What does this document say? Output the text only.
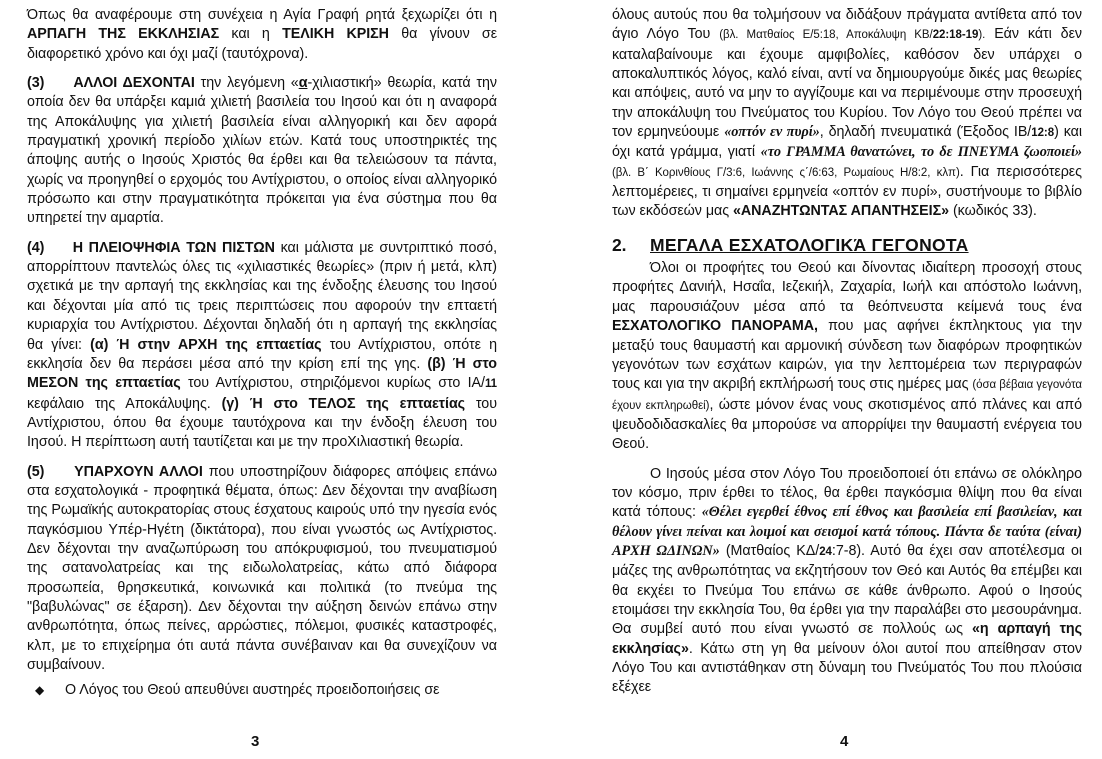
Όπως θα αναφέρουμε στη συνέχεια η Αγία Γραφή ρητά ξεχωρίζει ότι η ΑΡΠΑΓΗ ΤΗΣ ΕΚΚΛΗΣΙΑΣ και η ΤΕΛΙΚΗ ΚΡΙΣΗ θα γίνουν σε διαφορετικό χρόνο και όχι μαζί (ταυτόχρονα).

(3) ΑΛΛΟΙ ΔΕΧΟΝΤΑΙ την λεγόμενη «α-χιλιαστική» θεωρία, κατά την οποία δεν θα υπάρξει καμιά χιλιετή βασιλεία του Ιησού και ότι η αναφορά της Αποκάλυψης για χιλιετή βασιλεία είναι αλληγορική και δεν αφορά πραγματική χρονική περίοδο χιλίων ετών. Κατά τους υποστηρικτές της άποψης αυτής ο Ιησούς Χριστός θα έρθει και θα τελειώσουν τα πάντα, χωρίς να προηγηθεί ο ερχομός του Αντίχριστου, ο οποίος είναι αλληγορικό πρόσωπο και στην πραγματικότητα πρόκειται για ένα σύστημα που θα υπηρετεί την αμαρτία.

(4) Η ΠΛΕΙΟΨΗΦΙΑ ΤΩΝ ΠΙΣΤΩΝ και μάλιστα με συντριπτικό ποσό, απορρίπτουν παντελώς όλες τις «χιλιαστικές θεωρίες» (πριν ή μετά, κλπ) σχετικά με την αρπαγή της εκκλησίας και της ένδοξης έλευσης του Ιησού και δέχονται μία από τις τρεις περιπτώσεις που αφορούν την επταετή κυριαρχία του Αντίχριστου. Δέχονται δηλαδή ότι η αρπαγή της εκκλησίας θα γίνει: (α) Ή στην ΑΡΧΗ της επταετίας του Αντίχριστου, οπότε η εκκλησία δεν θα περάσει μέσα από την κρίση επί της γης. (β) Ή στο ΜΕΣΟΝ της επταετίας του Αντίχριστου, στηριζόμενοι κυρίως στο ΙΑ/11 κεφάλαιο της Αποκάλυψης. (γ) Ή στο ΤΕΛΟΣ της επταετίας του Αντίχριστου, όπου θα έχουμε ταυτόχρονα και την ένδοξη έλευση του Ιησού. Η περίπτωση αυτή ταυτίζεται και με την προΧιλιαστική θεωρία.

(5) ΥΠΑΡΧΟΥΝ ΑΛΛΟΙ που υποστηρίζουν διάφορες απόψεις επάνω στα εσχατολογικά - προφητικά θέματα, όπως: Δεν δέχονται την αναβίωση της Ρωμαϊκής αυτοκρατορίας στους έσχατους καιρούς υπό την ηγεσία ενός παγκόσμιου Υπέρ-Ηγέτη (δικτάτορα), που είναι γνωστός ως Αντίχριστος. Δεν δέχονται την αναζωπύρωση του απόκρυφισμού, του πνευματισμού της σατανολατρείας και της ειδωλολατρείας, κάτω από διάφορα προσωπεία, θρησκευτικά, κοινωνικά και πολιτικά (το πνεύμα της "βαβυλώνας" σε έξαρση). Δεν δέχονται την αύξηση δεινών επάνω στην ανθρωπότητα, όπως πείνες, αρρώστιες, πόλεμοι, φυσικές καταστροφές, κλπ, με το επιχείρημα ότι αυτά πάντα συνέβαιναν και θα συνεχίζουν να συμβαίνουν.

◆	Ο Λόγος του Θεού απευθύνει αυστηρές προειδοποιήσεις σε
3

όλους αυτούς που θα τολμήσουν να διδάξουν πράγματα αντίθετα από τον άγιο Λόγο Του (βλ. Ματθαίος Ε/5:18, Αποκάλυψη ΚΒ/22:18-19). Εάν κάτι δεν καταλαβαίνουμε και έχουμε αμφιβολίες, καθόσον δεν υπάρχει ο αποκαλυπτικός λόγος, καλό είναι, αντί να δημιουργούμε δικές μας θεωρίες και απόψεις, αυτό να μην το αγγίζουμε και να περιμένουμε στην προσευχή την αποκάλυψη του Πνεύματος του Κυρίου. Τον Λόγο του Θεού πρέπει να τον ερμηνεύουμε «οπτόν εν πυρί», δηλαδή πνευματικά (Έξοδος ΙΒ/12:8) και όχι κατά γράμμα, γιατί «το ΓΡΑΜΜΑ θανατώνει, το δε ΠΝΕΥΜΑ ζωοποιεί» (βλ. Β΄ Κορινθίους Γ/3:6, Ιωάννης ς΄/6:63, Ρωμαίους Η/8:2, κλπ). Για περισσότερες λεπτομέρειες, τι σημαίνει ερμηνεία «οπτόν εν πυρί», συστήνουμε το βιβλίο των εκδόσεών μας «ΑΝΑΖΗΤΩΝΤΑΣ ΑΠΑΝΤΗΣΕΙΣ» (κωδικός 33).

2.	ΜΕΓΑΛΑ ΕΣΧΑΤΟΛΟΓΙΚΆ ΓΕΓΟΝΟΤΑ

Όλοι οι προφήτες του Θεού και δίνοντας ιδιαίτερη προσοχή στους προφήτες Δανιήλ, Ησαΐα, Ιεζεκιήλ, Ζαχαρία, Ιωήλ και απόστολο Ιωάννη, μας παρουσιάζουν μέσα από τα θεόπνευστα κείμενά τους ένα ΕΣΧΑΤΟΛΟΓΙΚΟ ΠΑΝΟΡΑΜΑ, που μας αφήνει έκπληκτους για την μεταξύ τους θαυμαστή και αρμονική σύνδεση των διαφόρων προφητικών γεγονότων των εσχάτων καιρών, για την λεπτομέρεια των περιγραφών τους και για την ακριβή εκπλήρωσή τους στις ημέρες μας (όσα βέβαια γεγονότα έχουν εκπληρωθεί), ώστε μόνον ένας νους σκοτισμένος από πλάνες και από ψευδοδιδασκαλίες θα μπορούσε να απορρίψει την θαυμαστή ενέργεια του Θεού.

Ο Ιησούς μέσα στον Λόγο Του προειδοποιεί ότι επάνω σε ολόκληρο τον κόσμο, πριν έρθει το τέλος, θα έρθει παγκόσμια θλίψη που θα είναι κατά τόπους: «Θέλει εγερθεί έθνος επί έθνος και βασιλεία επί βασιλείαν, και θέλουν γίνει πείναι και λοιμοί και σεισμοί κατά τόπους. Πάντα δε ταύτα (είναι) ΑΡΧΗ ΩΔΙΝΩΝ» (Ματθαίος ΚΔ/24:7-8). Αυτό θα έχει σαν αποτέλεσμα οι μάζες της ανθρωπότητας να εκζητήσουν τον Θεό και Αυτός θα επέμβει και θα εκχέει το Πνεύμα Του επάνω σε κάθε άνθρωπο. Αφού ο Ιησούς ετοιμάσει την εκκλησία Του, θα έρθει για την παραλάβει στο μεσουράνημα. Θα συμβεί αυτό που είναι γνωστό σε πολλούς ως «η αρπαγή της εκκλησίας». Κάτω στη γη θα μείνουν όλοι αυτοί που απείθησαν στον Λόγο Του και αντιστάθηκαν στη δύναμη του Πνεύματός Του που πλούσια εξέχεε

4
